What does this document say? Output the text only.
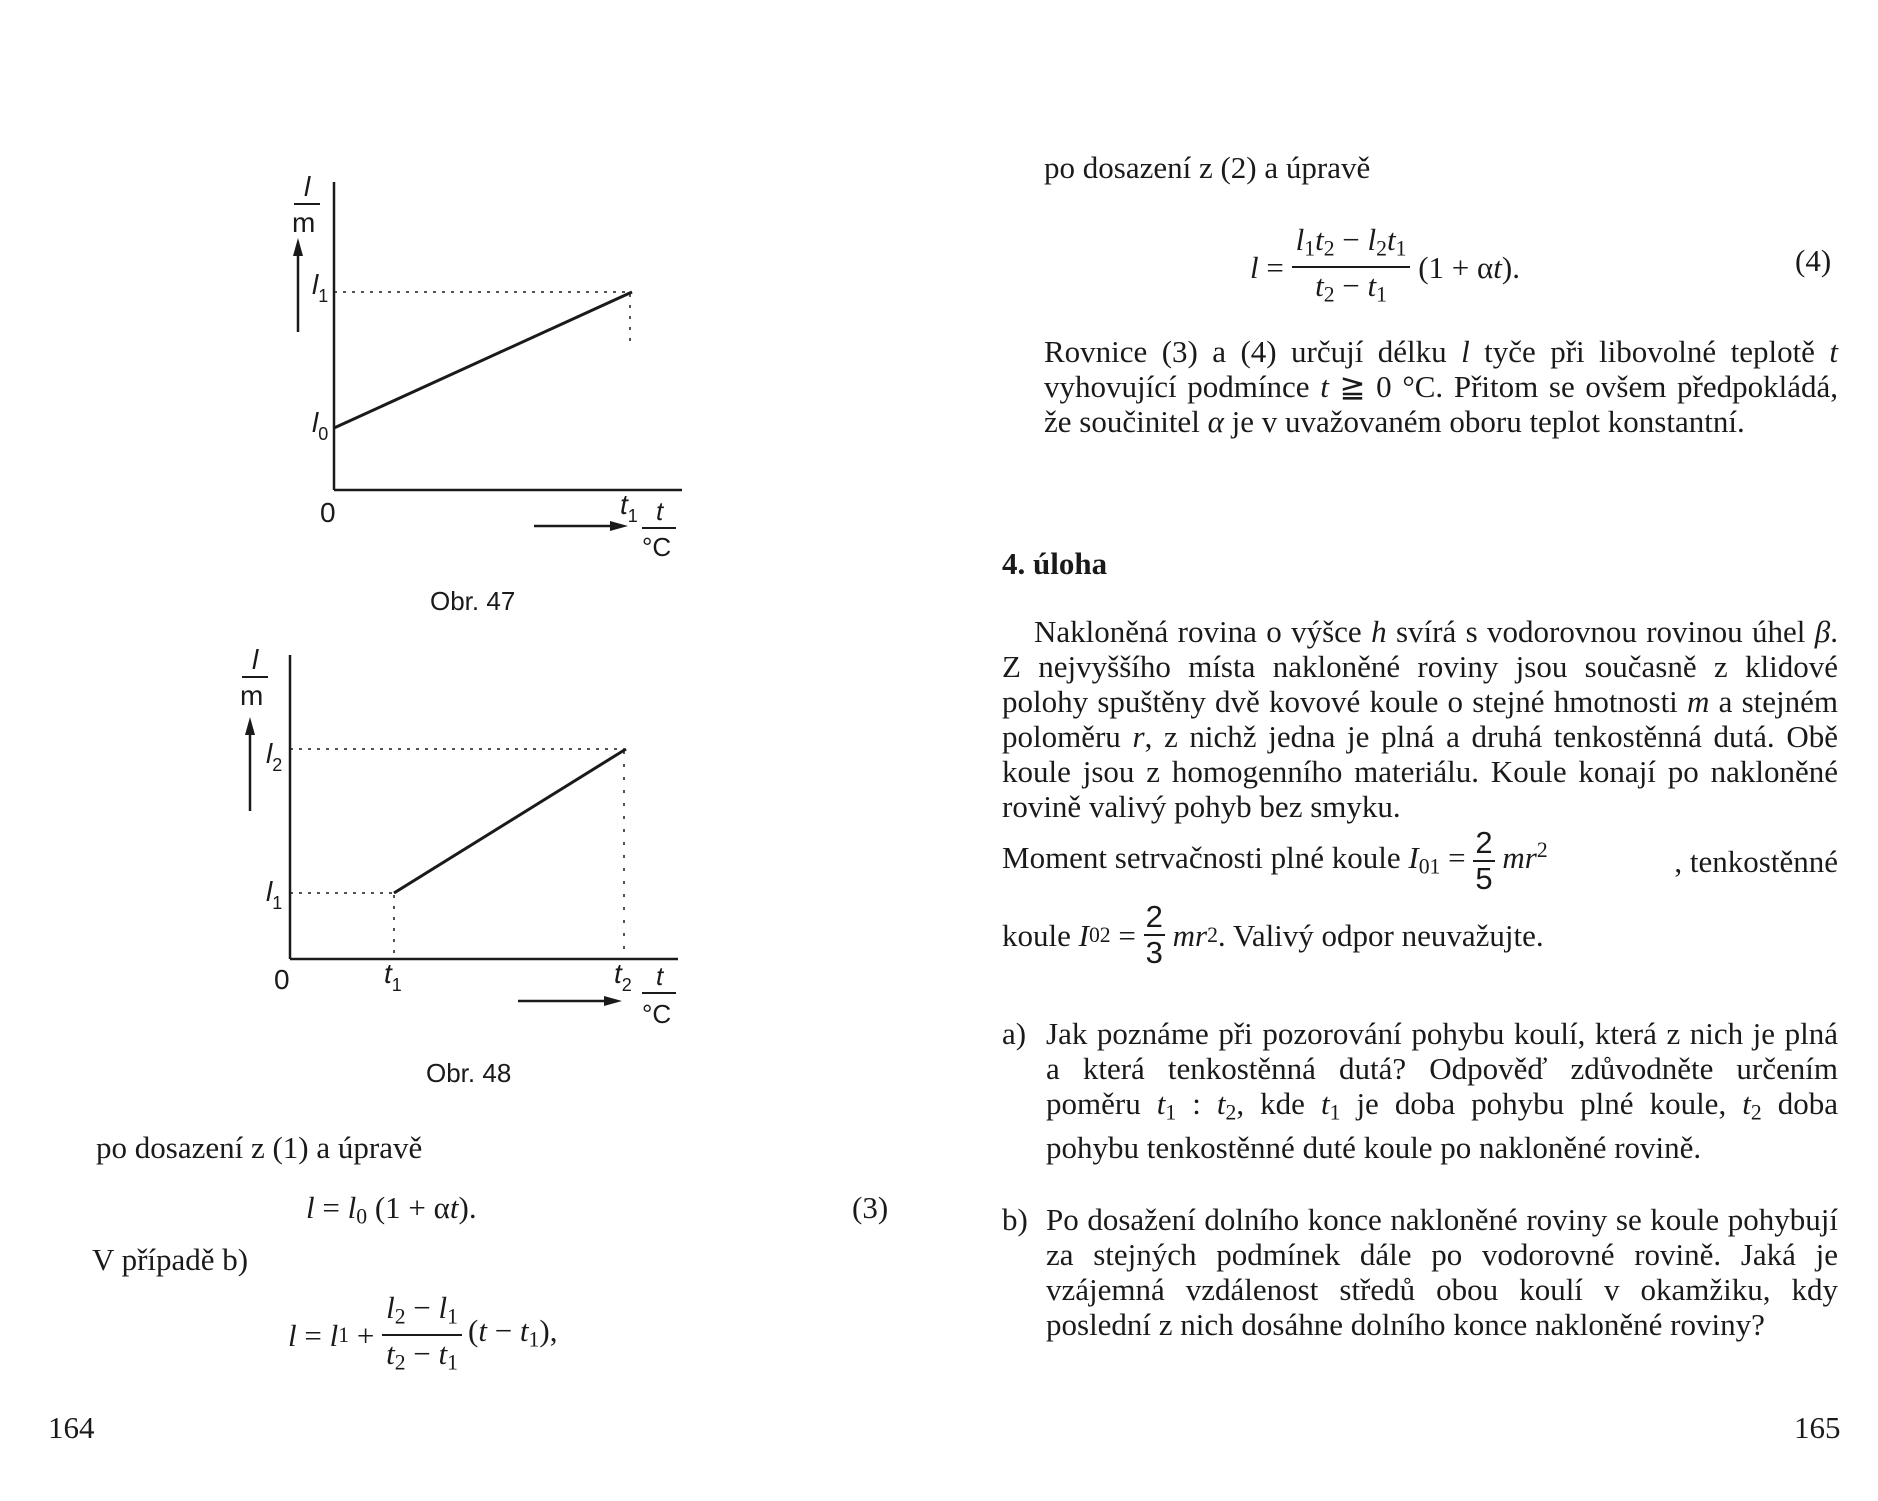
l
m
$l_1$
$l_0$
0	$t_1$ t
°C
Obr. 47
l
m
$l_2$
$l_1$
0	$t_1$	$t_2$ t
°C
Obr. 48
po dosazení z (1) a úpravě
$l = l_0$ (1 + αt).	(3)
V případě b)
l = l $1 + \frac{l_2 - l_1}{t_2 - t_1} (t - t_1)$,
164
po dosazení z (2) a úpravě
$l = \frac{l_1t_2 - l_2t_1}{t_2 - t_1} (1 + \alpha t)$.	(4)
Rovnice (3) a (4) určují délku l tyče při libovolné teplotě t vyhovující podmínce t ≧ 0 °C. Přitom se ovšem předpokládá, že součinitel α je v uvažovaném oboru teplot konstantní.
4. úloha
Nakloněná rovina o výšce h svírá s vodorovnou rovinou úhel β. Z nejvyššího místa nakloněné roviny jsou současně z klidové polohy spuštěny dvě kovové koule o stejné hmotnosti m a stejném poloměru r, z nichž jedna je plná a druhá tenkostěnná dutá. Obě koule jsou z homogenního materiálu. Koule konají po nakloněné rovině valivý pohyb bez smyku.
Moment setrvačnosti plné koule $I_{01} = \frac{2}{5} mr^2$	, tenkostěnné
koule I $02 = \frac{2}{3}$
mr 2 . Valivý odpor neuvažujte.
a) Jak poznáme při pozorování pohybu koulí, která z nich je plná a která tenkostěnná dutá? Odpověď zdůvodněte určením poměru $t_1$ : $t_2$, kde $t_1$ je doba pohybu plné koule, $t_2$ doba pohybu tenkostěnné duté koule po nakloněné rovině.
b) Po dosažení dolního konce nakloněné roviny se koule pohybují za stejných podmínek dále po vodorovné rovině. Jaká je vzájemná vzdálenost středů obou koulí v okamžiku, kdy poslední z nich dosáhne dolního konce nakloněné roviny?
165
